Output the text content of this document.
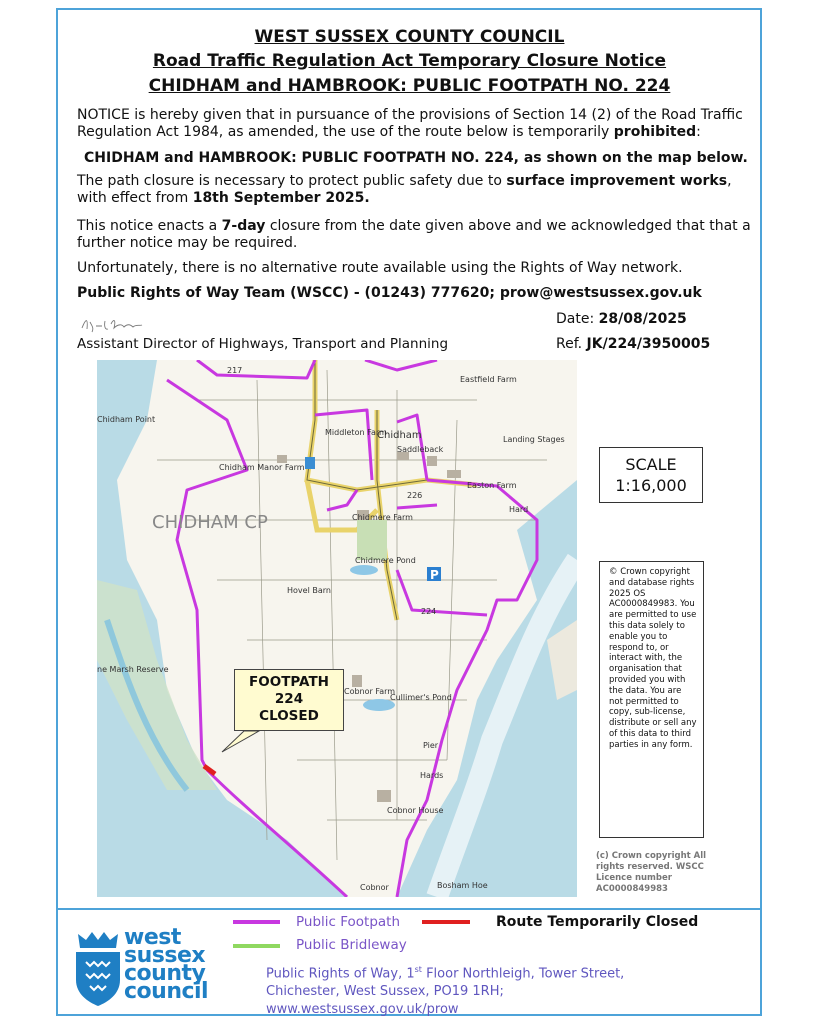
WEST SUSSEX COUNTY COUNCIL
Road Traffic Regulation Act Temporary Closure Notice
CHIDHAM and HAMBROOK: PUBLIC FOOTPATH NO. 224
NOTICE is hereby given that in pursuance of the provisions of Section 14 (2) of the Road Traffic Regulation Act 1984, as amended, the use of the route below is temporarily prohibited:
CHIDHAM and HAMBROOK: PUBLIC FOOTPATH NO. 224, as shown on the map below.
The path closure is necessary to protect public safety due to surface improvement works, with effect from 18th September 2025.
This notice enacts a 7-day closure from the date given above and we acknowledged that that a further notice may be required.
Unfortunately, there is no alternative route available using the Rights of Way network.
Public Rights of Way Team (WSCC) - (01243) 777620; prow@westsussex.gov.uk
Date: 28/08/2025
Assistant Director of Highways, Transport and Planning	Ref. JK/224/3950005
P
Chidham Point
Chidham Manor Farm
Eastfield Farm
Middleton Farm
Saddleback
Easton Farm
Landing Stages
Hard
Chidmere Farm
Chidmere Pond
Hovel Barn
ne Marsh Reserve
Cobnor Farm
Cullimer's Pond
Pier
Hards
Cobnor House
Cobnor	Bosham Hoe
224
226
217
Chidham
CHIDHAM CP
FOOTPATH
224
CLOSED
SCALE
1:16,000
© Crown copyright and database rights 2025 OS AC0000849983. You are permitted to use this data solely to enable you to respond to, or interact with, the organisation that provided you with the data. You are not permitted to copy, sub-license, distribute or sell any of this data to third parties in any form.
(c) Crown copyright All rights reserved. WSCC Licence number AC0000849983
Public Footpath
Public Bridleway
Route Temporarily Closed
west
sussex
county
council
Public Rights of Way, 1st Floor Northleigh, Tower Street,
Chichester, West Sussex, PO19 1RH;
www.westsussex.gov.uk/prow
